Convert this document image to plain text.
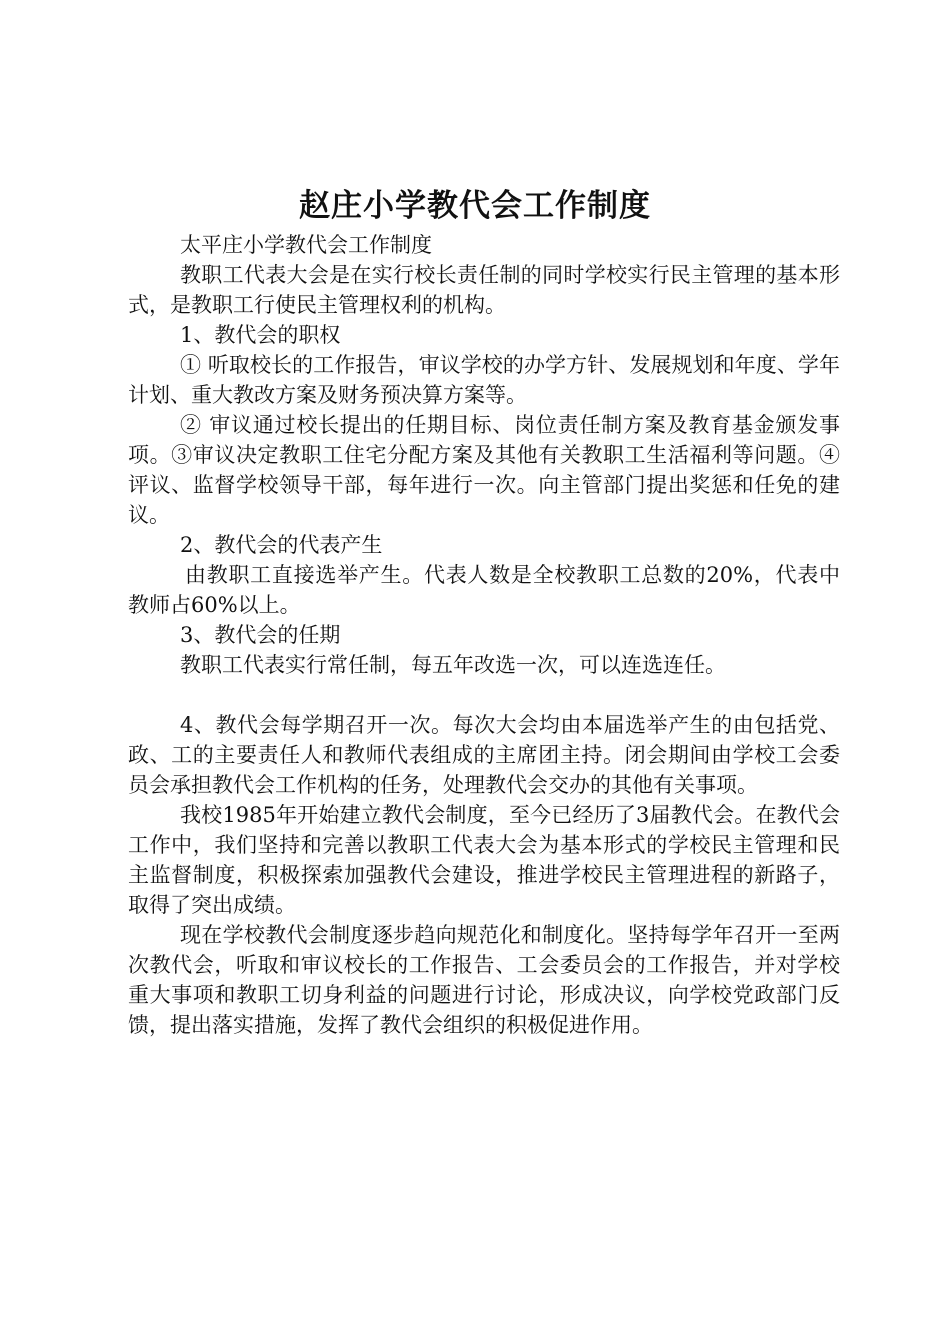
赵庄小学教代会工作制度

太平庄小学教代会工作制度

教职工代表大会是在实行校长责任制的同时学校实行民主管理的基本形式，是教职工行使民主管理权利的机构。

1、教代会的职权

① 听取校长的工作报告，审议学校的办学方针、发展规划和年度、学年计划、重大教改方案及财务预决算方案等。

② 审议通过校长提出的任期目标、岗位责任制方案及教育基金颁发事项。③审议决定教职工住宅分配方案及其他有关教职工生活福利等问题。④评议、监督学校领导干部，每年进行一次。向主管部门提出奖惩和任免的建议。

2、教代会的代表产生

由教职工直接选举产生。代表人数是全校教职工总数的20%，代表中教师占60%以上。

3、教代会的任期

教职工代表实行常任制，每五年改选一次，可以连选连任。

4、教代会每学期召开一次。每次大会均由本届选举产生的由包括党、政、工的主要责任人和教师代表组成的主席团主持。闭会期间由学校工会委员会承担教代会工作机构的任务，处理教代会交办的其他有关事项。

我校1985年开始建立教代会制度，至今已经历了3届教代会。在教代会工作中，我们坚持和完善以教职工代表大会为基本形式的学校民主管理和民主监督制度，积极探索加强教代会建设，推进学校民主管理进程的新路子，取得了突出成绩。

现在学校教代会制度逐步趋向规范化和制度化。坚持每学年召开一至两次教代会，听取和审议校长的工作报告、工会委员会的工作报告，并对学校重大事项和教职工切身利益的问题进行讨论，形成决议，向学校党政部门反馈，提出落实措施，发挥了教代会组织的积极促进作用。
